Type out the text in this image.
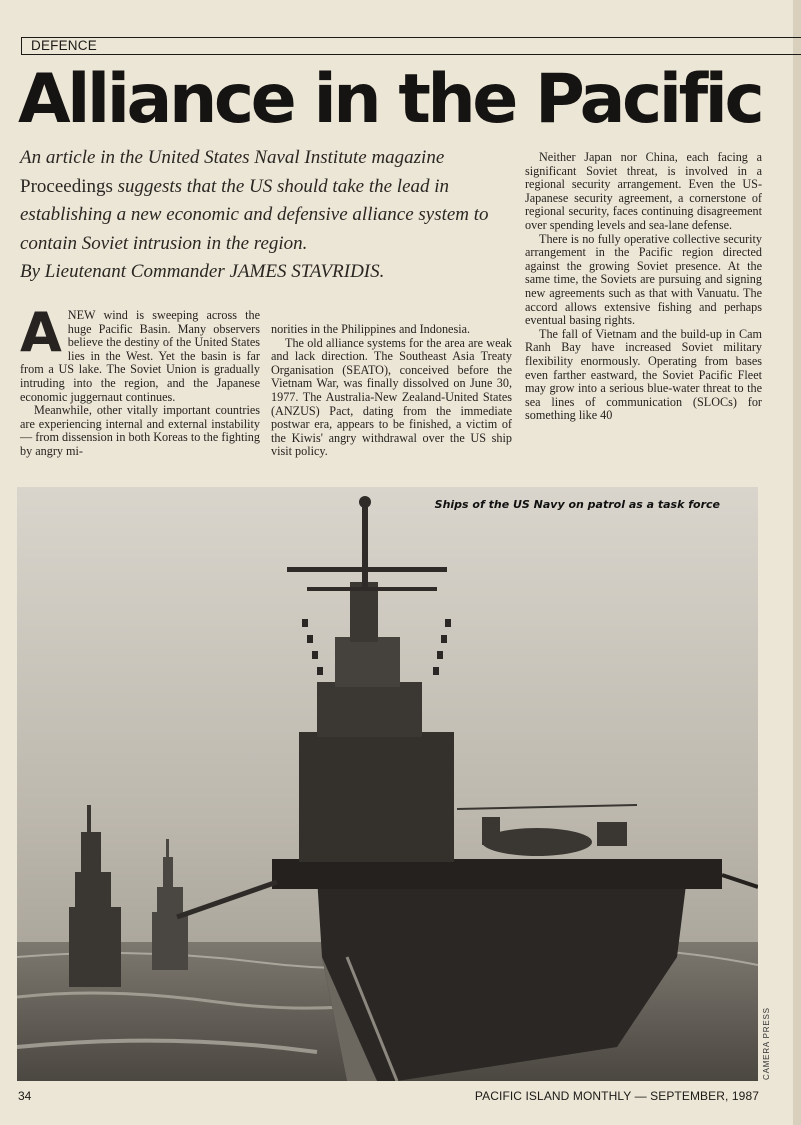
DEFENCE
Alliance in the Pacific

An article in the United States Naval Institute magazine Proceedings suggests that the US should take the lead in establishing a new economic and defensive alliance system to contain Soviet intrusion in the region.

By Lieutenant Commander JAMES STAVRIDIS.

ANEW wind is sweeping across the huge Pacific Basin. Many observers believe the destiny of the United States lies in the West. Yet the basin is far from a US lake. The Soviet Union is gradually intruding into the region, and the Japanese economic juggernaut continues.

Meanwhile, other vitally important countries are experiencing internal and external instability — from dissension in both Koreas to the fighting by angry mi-

norities in the Philippines and Indonesia.

The old alliance systems for the area are weak and lack direction. The Southeast Asia Treaty Organisation (SEATO), conceived before the Vietnam War, was finally dissolved on June 30, 1977. The Australia-New Zealand-United States (ANZUS) Pact, dating from the immediate postwar era, appears to be finished, a victim of the Kiwis' angry withdrawal over the US ship visit policy.

Neither Japan nor China, each facing a significant Soviet threat, is involved in a regional security arrangement. Even the US-Japanese security agreement, a cornerstone of regional security, faces continuing disagreement over spending levels and sea-lane defense.

There is no fully operative collective security arrangement in the Pacific region directed against the growing Soviet presence. At the same time, the Soviets are pursuing and signing new agreements such as that with Vanuatu. The accord allows extensive fishing and perhaps eventual basing rights.

The fall of Vietnam and the build-up in Cam Ranh Bay have increased Soviet military flexibility enormously. Operating from bases even farther eastward, the Soviet Pacific Fleet may grow into a serious blue-water threat to the sea lines of communication (SLOCs) for something like 40

Ships of the US Navy on patrol as a task force
CAMERA PRESS
34	PACIFIC ISLAND MONTHLY — SEPTEMBER, 1987
